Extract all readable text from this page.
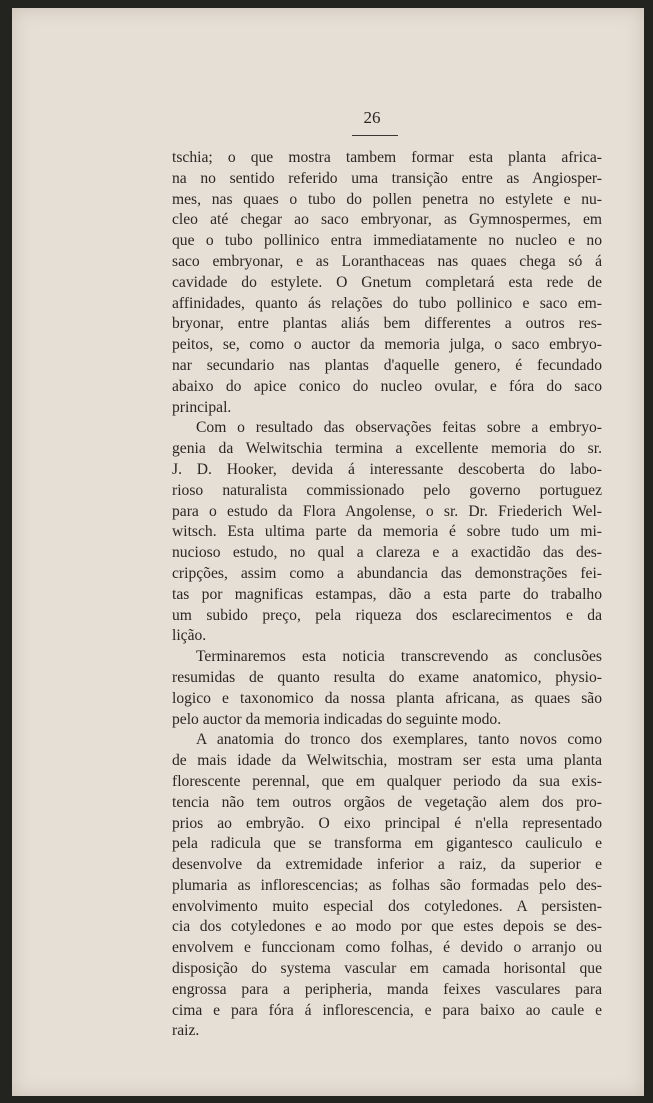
26
tschia; o que mostra tambem formar esta planta africa-
na no sentido referido uma transição entre as Angiosper-
mes, nas quaes o tubo do pollen penetra no estylete e nu-
cleo até chegar ao saco embryonar, as Gymnospermes, em
que o tubo pollinico entra immediatamente no nucleo e no
saco embryonar, e as Loranthaceas nas quaes chega só á
cavidade do estylete. O Gnetum completará esta rede de
affinidades, quanto ás relações do tubo pollinico e saco em-
bryonar, entre plantas aliás bem differentes a outros res-
peitos, se, como o auctor da memoria julga, o saco embryo-
nar secundario nas plantas d'aquelle genero, é fecundado
abaixo do apice conico do nucleo ovular, e fóra do saco
principal.
Com o resultado das observações feitas sobre a embryo-
genia da Welwitschia termina a excellente memoria do sr.
J. D. Hooker, devida á interessante descoberta do labo-
rioso naturalista commissionado pelo governo portuguez
para o estudo da Flora Angolense, o sr. Dr. Friederich Wel-
witsch. Esta ultima parte da memoria é sobre tudo um mi-
nucioso estudo, no qual a clareza e a exactidão das des-
cripções, assim como a abundancia das demonstrações fei-
tas por magnificas estampas, dão a esta parte do trabalho
um subido preço, pela riqueza dos esclarecimentos e da
lição.
Terminaremos esta noticia transcrevendo as conclusões
resumidas de quanto resulta do exame anatomico, physio-
logico e taxonomico da nossa planta africana, as quaes são
pelo auctor da memoria indicadas do seguinte modo.
A anatomia do tronco dos exemplares, tanto novos como
de mais idade da Welwitschia, mostram ser esta uma planta
florescente perennal, que em qualquer periodo da sua exis-
tencia não tem outros orgãos de vegetação alem dos pro-
prios ao embryão. O eixo principal é n'ella representado
pela radicula que se transforma em gigantesco cauliculo e
desenvolve da extremidade inferior a raiz, da superior e
plumaria as inflorescencias; as folhas são formadas pelo des-
envolvimento muito especial dos cotyledones. A persisten-
cia dos cotyledones e ao modo por que estes depois se des-
envolvem e funccionam como folhas, é devido o arranjo ou
disposição do systema vascular em camada horisontal que
engrossa para a peripheria, manda feixes vasculares para
cima e para fóra á inflorescencia, e para baixo ao caule e
raiz.
